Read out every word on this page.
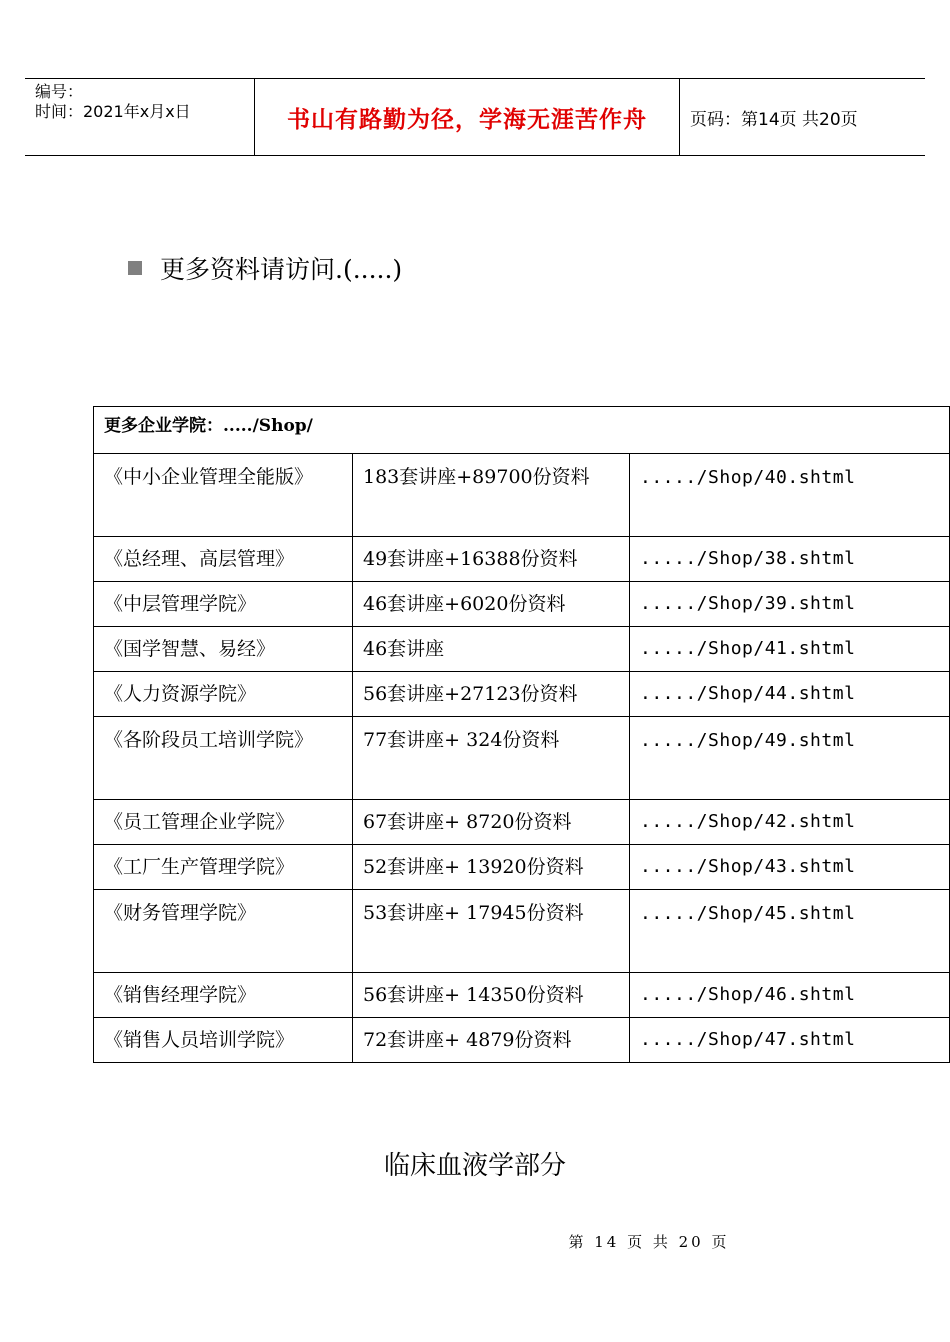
编号：
时间：2021年x月x日	书山有路勤为径，学海无涯苦作舟	页码：第14页 共20页
更多资料请访问.(.....)
更多企业学院：...../Shop/		
《中小企业管理全能版》	183套讲座+89700份资料	...../Shop/40.shtml
《总经理、高层管理》	49套讲座+16388份资料	...../Shop/38.shtml
《中层管理学院》	46套讲座+6020份资料	...../Shop/39.shtml
《国学智慧、易经》	46套讲座	...../Shop/41.shtml
《人力资源学院》	56套讲座+27123份资料	...../Shop/44.shtml
《各阶段员工培训学院》	77套讲座+ 324份资料	...../Shop/49.shtml
《员工管理企业学院》	67套讲座+ 8720份资料	...../Shop/42.shtml
《工厂生产管理学院》	52套讲座+ 13920份资料	...../Shop/43.shtml
《财务管理学院》	53套讲座+ 17945份资料	...../Shop/45.shtml
《销售经理学院》	56套讲座+ 14350份资料	...../Shop/46.shtml
《销售人员培训学院》	72套讲座+ 4879份资料	...../Shop/47.shtml
临床血液学部分
第 14 页 共 20 页
